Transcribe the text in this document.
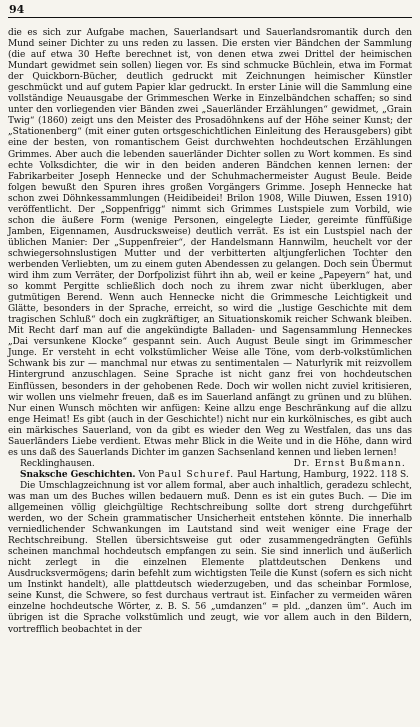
94

die es sich zur Aufgabe machen, Sauerlandsart und Sauerlandsromantik durch den Mund seiner Dichter zu uns reden zu lassen. Die ersten vier Bändchen der Sammlung (die auf etwa 30 Hefte berechnet ist, von denen etwa zwei Drittel der heimischen Mundart gewidmet sein sollen) liegen vor. Es sind schmucke Büchlein, etwa im Format der Quickborn-Bücher, deutlich gedruckt mit Zeichnungen heimischer Künstler geschmückt und auf gutem Papier klar gedruckt. In erster Linie will die Sammlung eine vollständige Neuausgabe der Grimmeschen Werke in Einzelbändchen schaffen; so sind unter den vorliegenden vier Bänden zwei „Sauerländer Erzählungen“ gewidmet, „Grain Twig“ (1860) zeigt uns den Meister des Prosadöhnkens auf der Höhe seiner Kunst; der „Stationenberg“ (mit einer guten ortsgeschichtlichen Einleitung des Herausgebers) gibt eine der besten, von romantischem Geist durchwehten hochdeutschen Erzählungen Grimmes. Aber auch die lebenden sauerländer Dichter sollen zu Wort kommen. Es sind echte Volksdichter, die wir in den beiden anderen Bändchen kennen lernen: der Fabrikarbeiter Joseph Hennecke und der Schuhmachermeister August Beule. Beide folgen bewußt den Spuren ihres großen Vorgängers Grimme. Joseph Hennecke hat schon zwei Döhnkessammlungen (Heidibeidei! Brilon 1908, Wille Diuwen, Essen 1910) veröffentlicht. Der „Soppenfrigg“ nimmt sich Grimmes Lustspiele zum Vorbild, wie schon die äußere Form (wenige Personen, eingelegte Lieder, gereimte fünffüßige Jamben, Eigennamen, Ausdrucksweise) deutlich verrät. Es ist ein Lustspiel nach der üblichen Manier: Der „Suppenfreier“, der Handelsmann Hannwilm, heuchelt vor der schwiegersohnslustigen Mutter und der verbitterten altjungferlichen Tochter den werbenden Verliebten, um zu einem guten Abendessen zu gelangen. Doch sein Übermut wird ihm zum Verräter, der Dorfpolizist führt ihn ab, weil er keine „Papeyern“ hat, und so kommt Pergitte schließlich doch noch zu ihrem zwar nicht überklugen, aber gutmütigen Berend. Wenn auch Hennecke nicht die Grimmesche Leichtigkeit und Glätte, besonders in der Sprache, erreicht, so wird die „lustige Geschichte mit dem tragischen Schluß“ doch ein zugkräftiger, an Situationskomik reicher Schwank bleiben. Mit Recht darf man auf die angekündigte Balladen- und Sagensammlung Henneckes „Dai versunkene Klocke“ gespannt sein. Auch August Beule singt im Grimmescher Junge. Er versteht in echt volkstümlicher Weise alle Töne, vom derb-volkstümlichen Schwank bis zur — manchmal nur etwas zu sentimentalen — Naturlyrik mit reizvollem Hintergrund anzuschlagen. Seine Sprache ist nicht ganz frei von hochdeutschen Einflüssen, besonders in der gehobenen Rede. Doch wir wollen nicht zuviel kritisieren, wir wollen uns vielmehr freuen, daß es im Sauerland anfängt zu grünen und zu blühen. Nur einen Wunsch möchten wir anfügen: Keine allzu enge Beschränkung auf die allzu enge Heimat! Es gibt (auch in der Geschichte!) nicht nur ein kurkölnisches, es gibt auch ein märkisches Sauerland, von da gibt es wieder den Weg zu Westfalen, das uns das Sauerländers Liebe verdient. Etwas mehr Blick in die Weite und in die Höhe, dann wird es uns daß des Sauerlands Dichter im ganzen Sachsenland kennen und lieben lernen!

Recklinghausen.	Dr. Ernst Bußmann.

Snaksche Geschichten. Von Paul Schuref. Paul Hartung, Hamburg, 1922. 118 S.

Die Umschlagzeichnung ist vor allem formal, aber auch inhaltlich, geradezu schlecht, was man um des Buches willen bedauern muß. Denn es ist ein gutes Buch. — Die im allgemeinen völlig gleichgültige Rechtschreibung sollte dort streng durchgeführt werden, wo der Schein grammatischer Unsicherheit entstehen könnte. Die innerhalb verniedlichender Schwankungen im Lautstand sind weit weniger eine Frage der Rechtschreibung. Stellen übersichtsweise gut oder zusammengedrängten Gefühls scheinen manchmal hochdeutsch empfangen zu sein. Sie sind innerlich und äußerlich nicht zerlegt in die einzelnen Elemente plattdeutschen Denkens und Ausdrucksvermögens; darin befehlt zum wichtigsten Teile die Kunst (sofern es sich nicht um Instinkt handelt), alle plattdeutsch wiederzugeben, und das scheinbar Formlose, seine Kunst, die Schwere, so fest durchaus vertraut ist. Einfacher zu vermeiden wären einzelne hochdeutsche Wörter, z. B. S. 56 „umdanzen“ = pld. „danzen üm“. Auch im übrigen ist die Sprache volkstümlich und zeugt, wie vor allem auch in den Bildern, vortrefflich beobachtet in der
